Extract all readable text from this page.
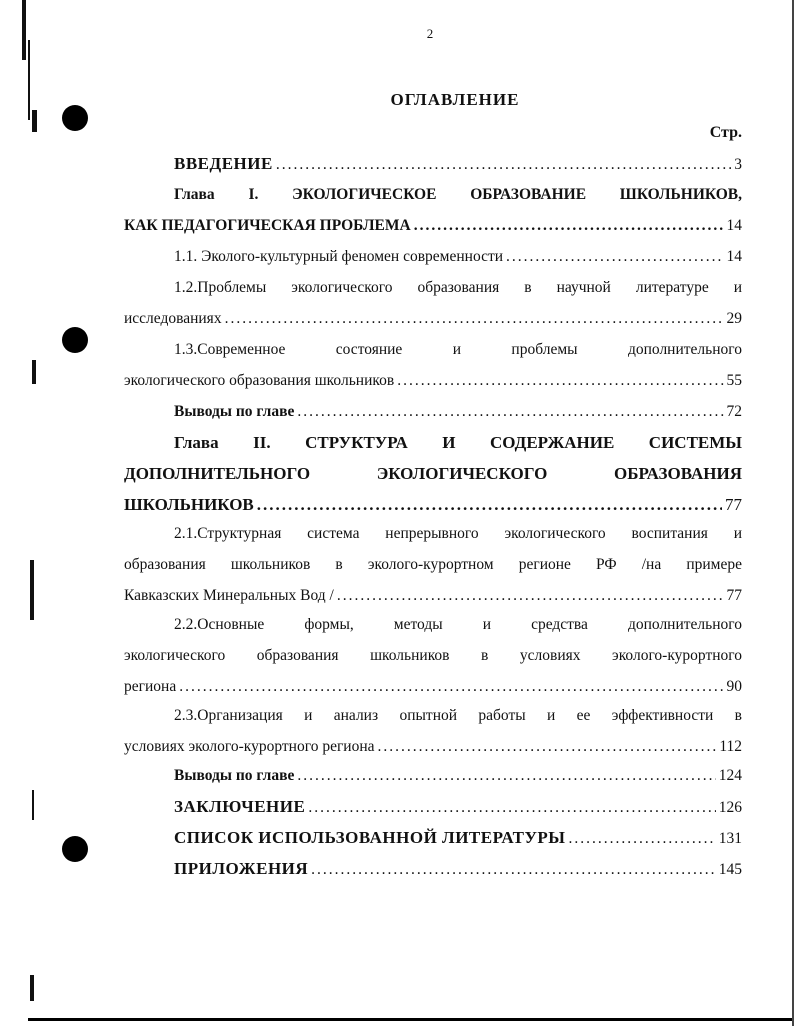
2
ОГЛАВЛЕНИЕ
Стр.
ВВЕДЕНИЕ .....	3
Глава I. ЭКОЛОГИЧЕСКОЕ ОБРАЗОВАНИЕ ШКОЛЬНИКОВ,
КАК ПЕДАГОГИЧЕСКАЯ ПРОБЛЕМА .....	14
1.1. Эколого-культурный феномен современности .....	14
1.2.Проблемы экологического образования в научной литературе и
исследованиях .....	29
1.3.Современное состояние и проблемы дополнительного
экологического образования школьников .....	55
Выводы по главе .....	72
Глава II. СТРУКТУРА И СОДЕРЖАНИЕ СИСТЕМЫ
ДОПОЛНИТЕЛЬНОГО ЭКОЛОГИЧЕСКОГО ОБРАЗОВАНИЯ
ШКОЛЬНИКОВ .....	77
2.1.Структурная система непрерывного экологического воспитания и
образования школьников в эколого-курортном регионе РФ /на примере
Кавказских Минеральных Вод / .....	77
2.2.Основные формы, методы и средства дополнительного
экологического образования школьников в условиях эколого-курортного
региона .....	90
2.3.Организация и анализ опытной работы и ее эффективности в
условиях эколого-курортного региона .....	112
Выводы по главе .....	124
ЗАКЛЮЧЕНИЕ .....	126
СПИСОК ИСПОЛЬЗОВАННОЙ ЛИТЕРАТУРЫ .....	131
ПРИЛОЖЕНИЯ .....	145
